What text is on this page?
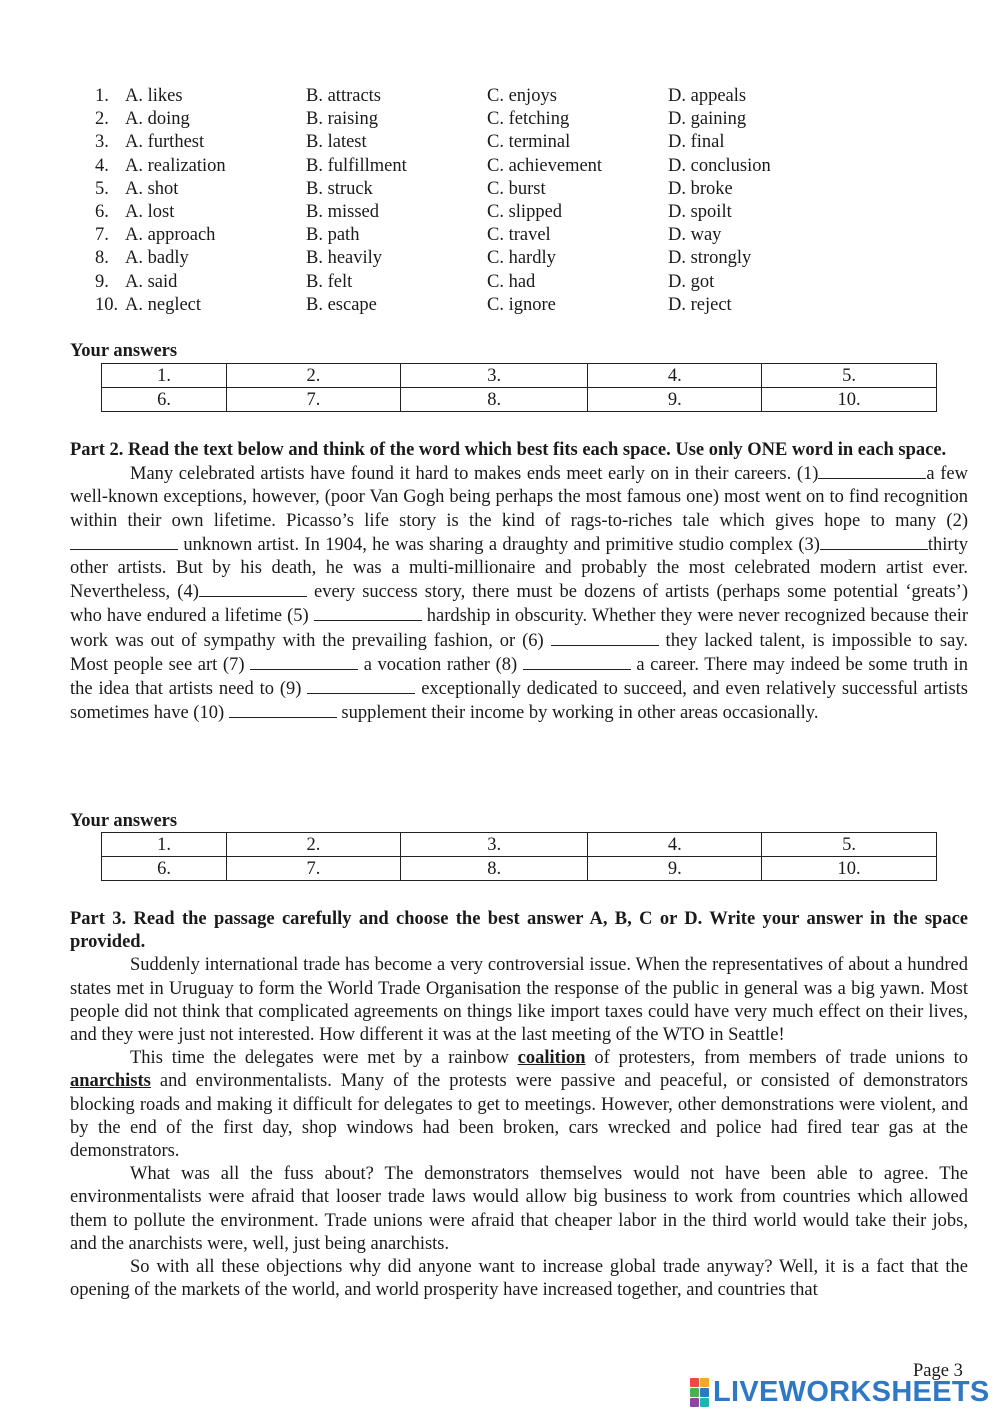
1. A. likes	B. attracts	C. enjoys	D. appeals
2. A. doing	B. raising	C. fetching	D. gaining
3. A. furthest	B. latest	C. terminal	D. final
4. A. realization	B. fulfillment	C. achievement	D. conclusion
5. A. shot	B. struck	C. burst	D. broke
6. A. lost	B. missed	C. slipped	D. spoilt
7. A. approach	B. path	C. travel	D. way
8. A. badly	B. heavily	C. hardly	D. strongly
9. A. said	B. felt	C. had	D. got
10. A. neglect	B. escape	C. ignore	D. reject
Your answers
1.	2.	3.	4.	5.
6.	7.	8.	9.	10.
Part 2. Read the text below and think of the word which best fits each space. Use only ONE word in each space.
Many celebrated artists have found it hard to makes ends meet early on in their careers. (1)	a few well-known exceptions, however, (poor Van Gogh being perhaps the most famous one) most went on to find recognition within their own lifetime. Picasso’s life story is the kind of rags-to-riches tale which gives hope to many (2)  unknown artist. In 1904, he was sharing a draughty and primitive studio complex (3)	thirty other artists. But by his death, he was a multi-millionaire and probably the most celebrated modern artist ever. Nevertheless, (4)	every success story, there must be dozens of artists (perhaps some potential ‘greats’) who have endured a lifetime (5)	hardship in obscurity. Whether they were never recognized because their work was out of sympathy with the prevailing fashion, or (6)	they lacked talent, is impossible to say. Most people see art (7)	a vocation rather (8)	a career. There may indeed be some truth in the idea that artists need to (9)	exceptionally dedicated to succeed, and even relatively successful artists sometimes have (10)	supplement their income by working in other areas occasionally.
Your answers
1.	2.	3.	4.	5.
6.	7.	8.	9.	10.
Part 3. Read the passage carefully and choose the best answer A, B, C or D. Write your answer in the space provided.
Suddenly international trade has become a very controversial issue. When the representatives of about a hundred states met in Uruguay to form the World Trade Organisation the response of the public in general was a big yawn. Most people did not think that complicated agreements on things like import taxes could have very much effect on their lives, and they were just not interested. How different it was at the last meeting of the WTO in Seattle!
This time the delegates were met by a rainbow coalition of protesters, from members of trade unions to anarchists and environmentalists. Many of the protests were passive and peaceful, or consisted of demonstrators blocking roads and making it difficult for delegates to get to meetings. However, other demonstrations were violent, and by the end of the first day, shop windows had been broken, cars wrecked and police had fired tear gas at the demonstrators.
What was all the fuss about? The demonstrators themselves would not have been able to agree. The environmentalists were afraid that looser trade laws would allow big business to work from countries which allowed them to pollute the environment. Trade unions were afraid that cheaper labor in the third world would take their jobs, and the anarchists were, well, just being anarchists.
So with all these objections why did anyone want to increase global trade anyway? Well, it is a fact that the opening of the markets of the world, and world prosperity have increased together, and countries that
Page 3
LIVEWORKSHEETS
